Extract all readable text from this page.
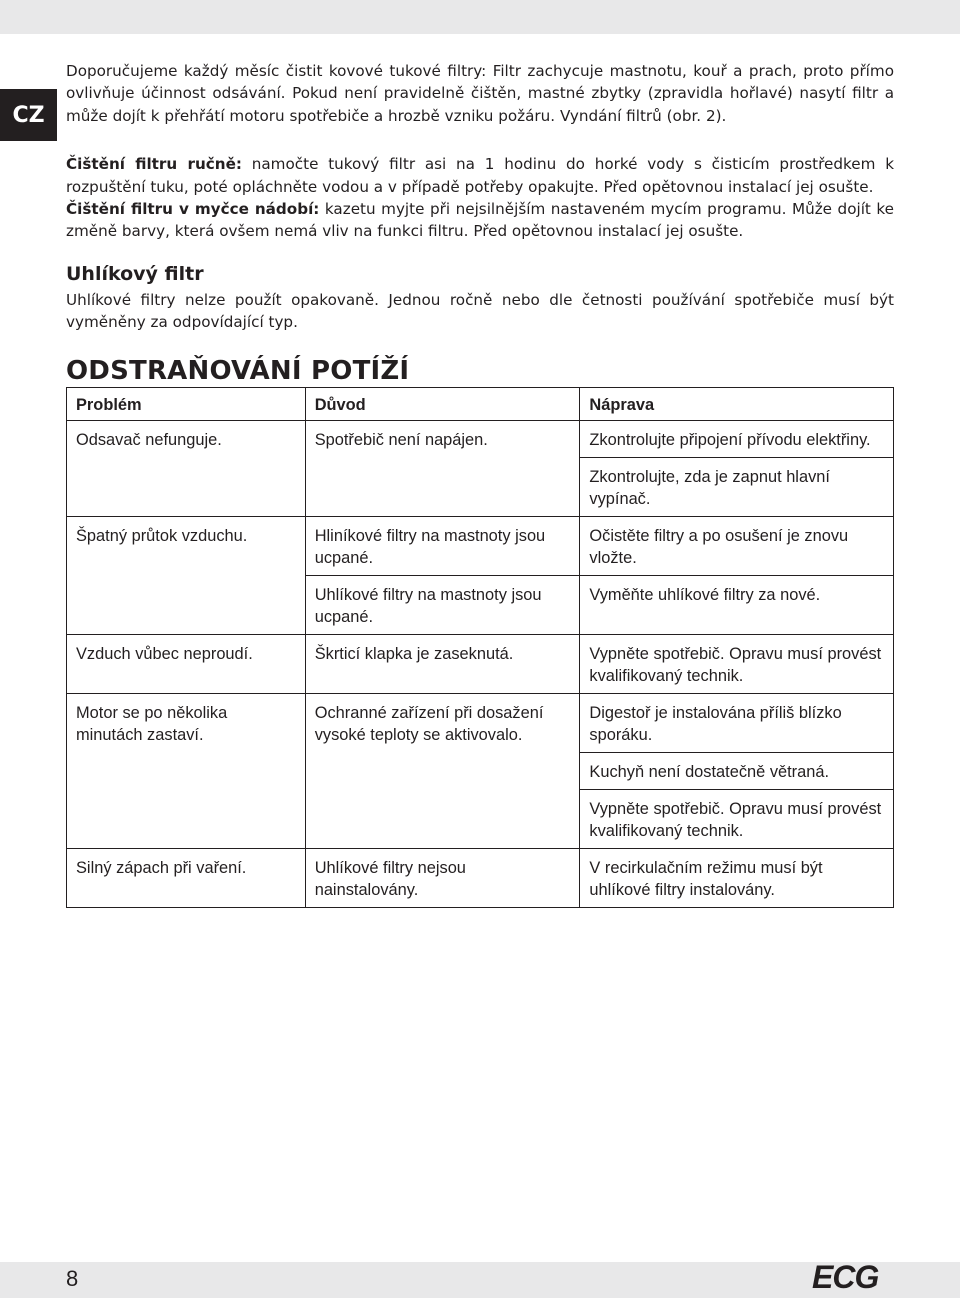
CZ

Doporučujeme každý měsíc čistit kovové tukové filtry: Filtr zachycuje mastnotu, kouř a prach, proto přímo ovlivňuje účinnost odsávání. Pokud není pravidelně čištěn, mastné zbytky (zpravidla hořlavé) nasytí filtr a může dojít k přehřátí motoru spotřebiče a hrozbě vzniku požáru. Vyndání filtrů (obr. 2).

Čištění filtru ručně: namočte tukový filtr asi na 1 hodinu do horké vody s čisticím prostředkem k rozpuštění tuku, poté opláchněte vodou a v případě potřeby opakujte. Před opětovnou instalací jej osušte.

Čištění filtru v myčce nádobí: kazetu myjte při nejsilnějším nastaveném mycím programu. Může dojít ke změně barvy, která ovšem nemá vliv na funkci filtru. Před opětovnou instalací jej osušte.

Uhlíkový filtr

Uhlíkové filtry nelze použít opakovaně. Jednou ročně nebo dle četnosti používání spotřebiče musí být vyměněny za odpovídající typ.

ODSTRAŇOVÁNÍ POTÍŽÍ
Problém	Důvod	Náprava
Odsavač nefunguje.	Spotřebič není napájen.	Zkontrolujte připojení přívodu elektřiny.
		Zkontrolujte, zda je zapnut hlavní vypínač.
Špatný průtok vzduchu.	Hliníkové filtry na mastnoty jsou ucpané.	Očistěte filtry a po osušení je znovu vložte.
	Uhlíkové filtry na mastnoty jsou ucpané.	Vyměňte uhlíkové filtry za nové.
Vzduch vůbec neproudí.	Škrticí klapka je zaseknutá.	Vypněte spotřebič. Opravu musí provést kvalifikovaný technik.
Motor se po několika minutách zastaví.	Ochranné zařízení při dosažení vysoké teploty se aktivovalo.	Digestoř je instalována příliš blízko sporáku.
		Kuchyň není dostatečně větraná.
		Vypněte spotřebič. Opravu musí provést kvalifikovaný technik.
Silný zápach při vaření.	Uhlíkové filtry nejsou nainstalovány.	V recirkulačním režimu musí být uhlíkové filtry instalovány.
8	ECG
